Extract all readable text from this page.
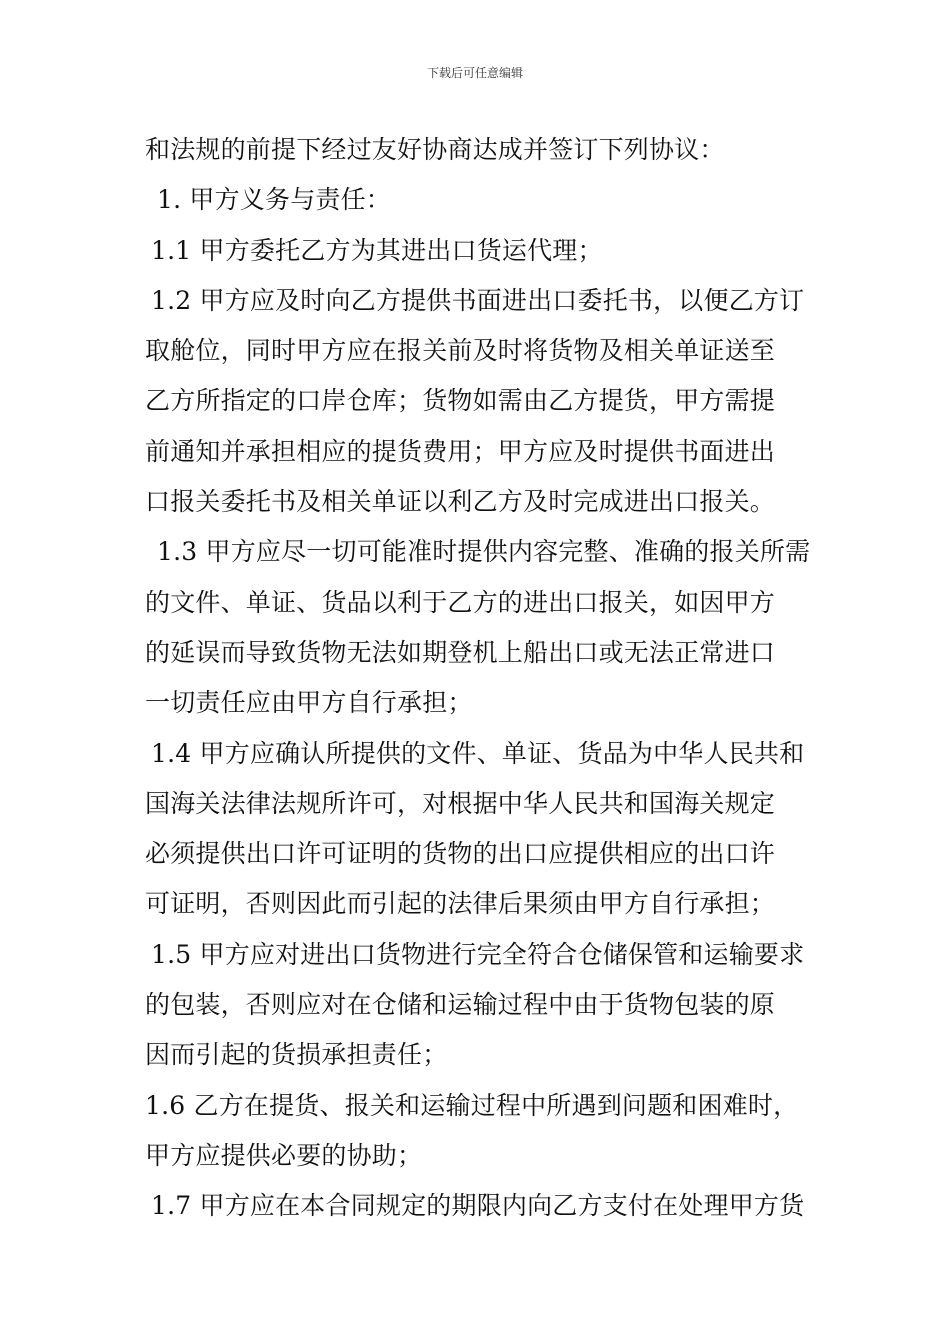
下载后可任意编辑
和法规的前提下经过友好协商达成并签订下列协议：
1. 甲方义务与责任：
1.1 甲方委托乙方为其进出口货运代理；
1.2 甲方应及时向乙方提供书面进出口委托书，以便乙方订
取舱位，同时甲方应在报关前及时将货物及相关单证送至
乙方所指定的口岸仓库；货物如需由乙方提货，甲方需提
前通知并承担相应的提货费用；甲方应及时提供书面进出
口报关委托书及相关单证以利乙方及时完成进出口报关。
1.3 甲方应尽一切可能准时提供内容完整、准确的报关所需
的文件、单证、货品以利于乙方的进出口报关，如因甲方
的延误而导致货物无法如期登机上船出口或无法正常进口
一切责任应由甲方自行承担；
1.4 甲方应确认所提供的文件、单证、货品为中华人民共和
国海关法律法规所许可，对根据中华人民共和国海关规定
必须提供出口许可证明的货物的出口应提供相应的出口许
可证明，否则因此而引起的法律后果须由甲方自行承担；
1.5 甲方应对进出口货物进行完全符合仓储保管和运输要求
的包装，否则应对在仓储和运输过程中由于货物包装的原
因而引起的货损承担责任；
1.6 乙方在提货、报关和运输过程中所遇到问题和困难时，
甲方应提供必要的协助；
1.7 甲方应在本合同规定的期限内向乙方支付在处理甲方货
